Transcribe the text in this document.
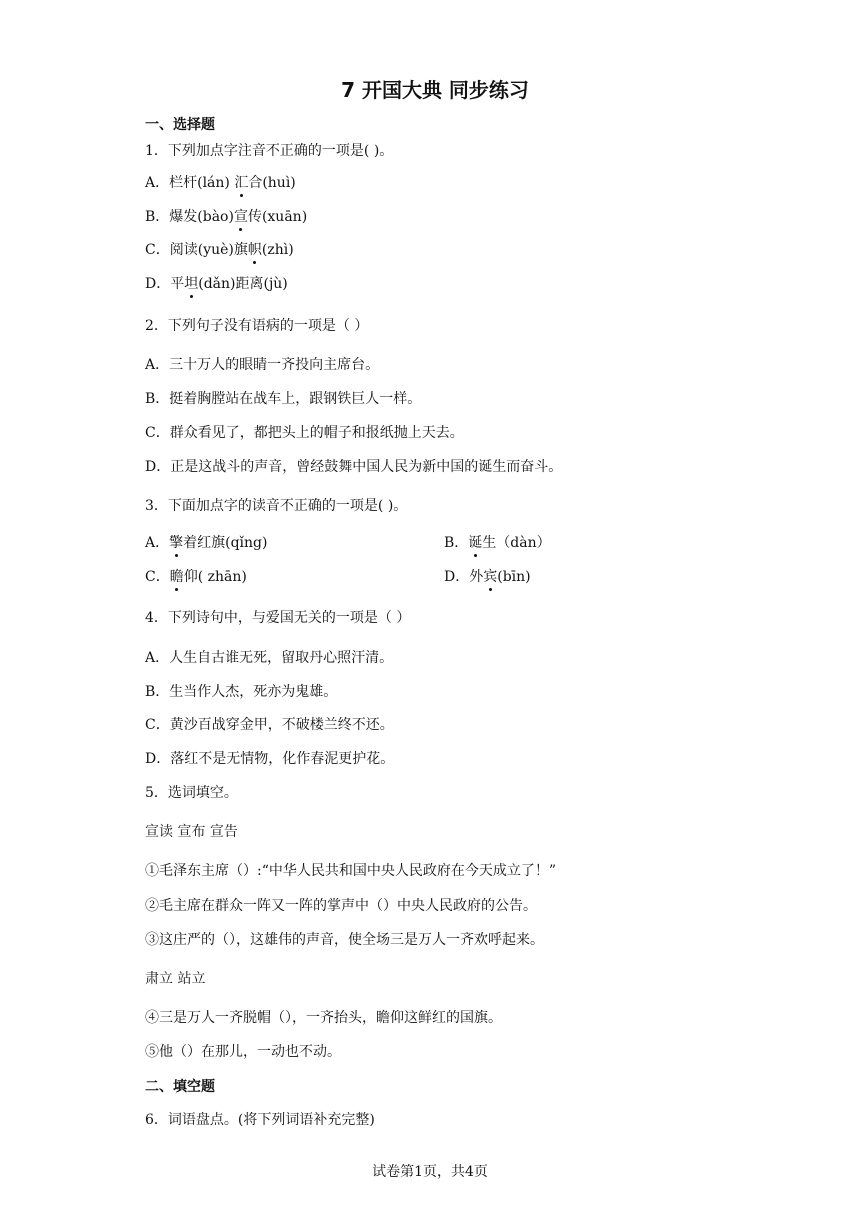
7 开国大典 同步练习
一、选择题
1．下列加点字注音不正确的一项是( )。
A．栏杆(lán) 汇合(huì)
B．爆发(bào)宣传(xuān)
C．阅读(yuè)旗帜(zhì)
D．平坦(dǎn)距离(jù)
2．下列句子没有语病的一项是（ ）
A．三十万人的眼睛一齐投向主席台。
B．挺着胸膛站在战车上，跟钢铁巨人一样。
C．群众看见了，都把头上的帽子和报纸抛上天去。
D．正是这战斗的声音，曾经鼓舞中国人民为新中国的诞生而奋斗。
3．下面加点字的读音不正确的一项是( )。
A．擎着红旗(qǐng)	B．诞生（dàn）
C．瞻仰( zhān)	D．外宾(bīn)
4．下列诗句中，与爱国无关的一项是（ ）
A．人生自古谁无死，留取丹心照汗清。
B．生当作人杰，死亦为鬼雄。
C．黄沙百战穿金甲，不破楼兰终不还。
D．落红不是无情物，化作春泥更护花。
5．选词填空。
宣读 宣布 宣告
①毛泽东主席（）:“中华人民共和国中央人民政府在今天成立了！”
②毛主席在群众一阵又一阵的掌声中（）中央人民政府的公告。
③这庄严的（），这雄伟的声音，使全场三是万人一齐欢呼起来。
肃立 站立
④三是万人一齐脱帽（），一齐抬头，瞻仰这鲜红的国旗。
⑤他（）在那儿，一动也不动。
二、填空题
6．词语盘点。(将下列词语补充完整)
试卷第1页，共4页
